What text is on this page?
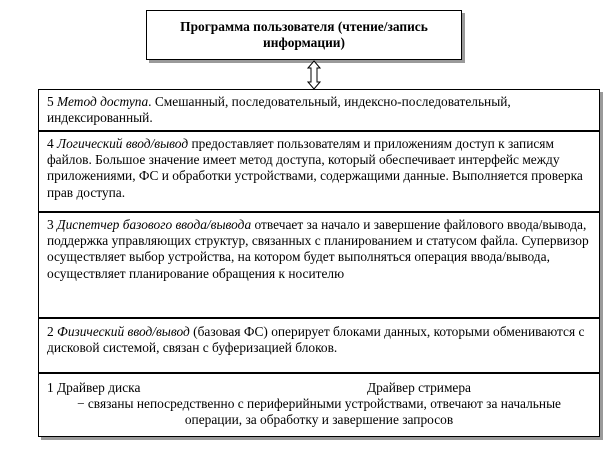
Программа пользователя (чтение/запись
информации)
5 Метод доступа. Смешанный, последовательный, индексно-последовательный, индексированный.
4 Логический ввод/вывод предоставляет пользователям и приложениям доступ к записям файлов. Большое значение имеет метод доступа, который обеспечивает интерфейс между приложениями, ФС и обработки устройствами, содержащими данные. Выполняется проверка прав доступа.
3 Диспетчер базового ввода/вывода отвечает за начало и завершение файлового ввода/вывода, поддержка управляющих структур, связанных с планированием и статусом файла. Супервизор осуществляет выбор устройства, на котором будет выполняться операция ввода/вывода, осуществляет планирование обращения к носителю
2 Физический ввод/вывод (базовая ФС) оперирует блоками данных, которыми обмениваются с дисковой системой, связан с буферизацией блоков.
1 Драйвер диска	Драйвер стримера
− связаны непосредственно с периферийными устройствами, отвечают за начальные операции, за обработку и завершение запросов
